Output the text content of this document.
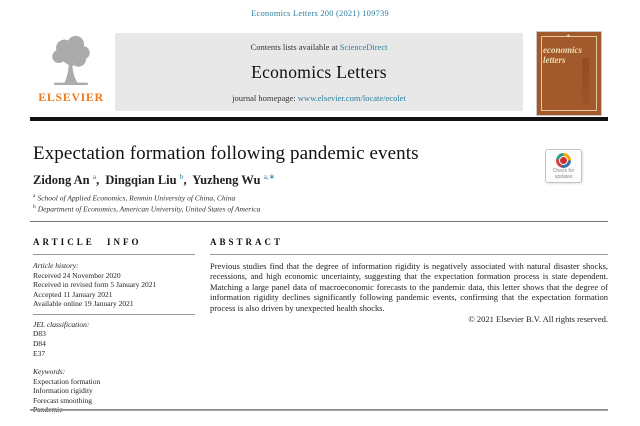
Economics Letters 200 (2021) 109739
ELSEVIER
Contents lists available at ScienceDirect
Economics Letters
journal homepage: www.elsevier.com/locate/ecolet
✦
economics letters
Expectation formation following pandemic events
Check for
updates
Zidong An $^a$, Dingqian Liu $^b$, Yuzheng Wu $^{a,∗}$
$^a$ School of Applied Economics, Renmin University of China, China
$^b$ Department of Economics, American University, United States of America
ARTICLE INFO
Article history:
Received 24 November 2020
Received in revised form 5 January 2021
Accepted 11 January 2021
Available online 19 January 2021
JEL classification:
D83
D84
E37
Keywords:
Expectation formation
Information rigidity
Forecast smoothing
ABSTRACT
Previous studies find that the degree of information rigidity is negatively associated with natural disaster shocks, recessions, and high economic uncertainty, suggesting that the expectation formation process is state dependent. Matching a large panel data of macroeconomic forecasts to the pandemic data, this letter shows that the degree of information rigidity declines significantly following pandemic events, confirming that the expectation formation process is also driven by unexpected health shocks.
© 2021 Elsevier B.V. All rights reserved.
